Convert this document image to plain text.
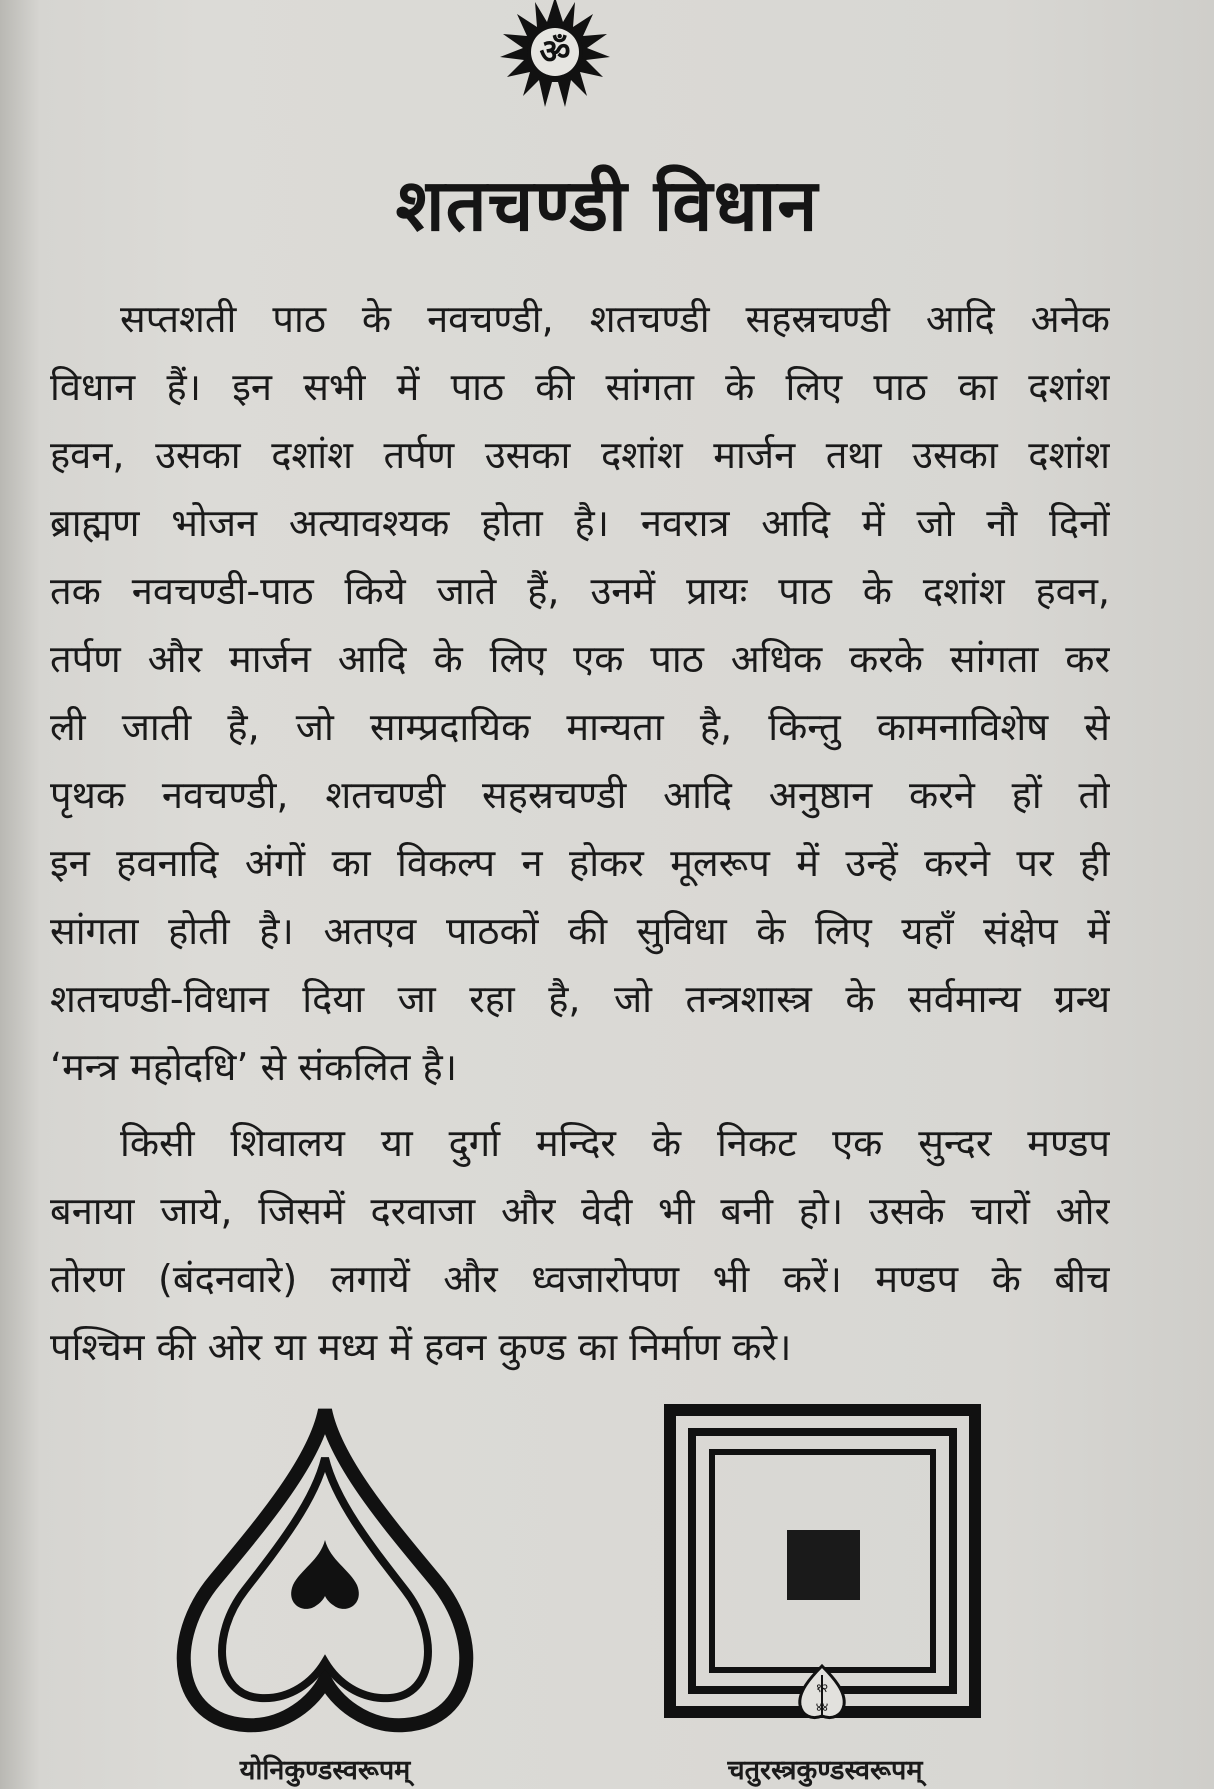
ॐ
शतचण्डी विधान
सप्तशती पाठ के नवचण्डी, शतचण्डी सहस्रचण्डी आदि अनेक
विधान हैं। इन सभी में पाठ की सांगता के लिए पाठ का दशांश
हवन, उसका दशांश तर्पण उसका दशांश मार्जन तथा उसका दशांश
ब्राह्मण भोजन अत्यावश्यक होता है। नवरात्र आदि में जो नौ दिनों
तक नवचण्डी-पाठ किये जाते हैं, उनमें प्रायः पाठ के दशांश हवन,
तर्पण और मार्जन आदि के लिए एक पाठ अधिक करके सांगता कर
ली जाती है, जो साम्प्रदायिक मान्यता है, किन्तु कामनाविशेष से
पृथक नवचण्डी, शतचण्डी सहस्रचण्डी आदि अनुष्ठान करने हों तो
इन हवनादि अंगों का विकल्प न होकर मूलरूप में उन्हें करने पर ही
सांगता होती है। अतएव पाठकों की सुविधा के लिए यहाँ संक्षेप में
शतचण्डी-विधान दिया जा रहा है, जो तन्त्रशास्त्र के सर्वमान्य ग्रन्थ
‘मन्त्र महोदधि’ से संकलित है।
किसी शिवालय या दुर्गा मन्दिर के निकट एक सुन्दर मण्डप
बनाया जाये, जिसमें दरवाजा और वेदी भी बनी हो। उसके चारों ओर
तोरण (बंदनवारे) लगायें और ध्वजारोपण भी करें। मण्डप के बीच
पश्चिम की ओर या मध्य में हवन कुण्ड का निर्माण करे।
योनिकुण्डस्वरूपम्
१२
४४
चतुरस्त्रकुण्डस्वरूपम्
